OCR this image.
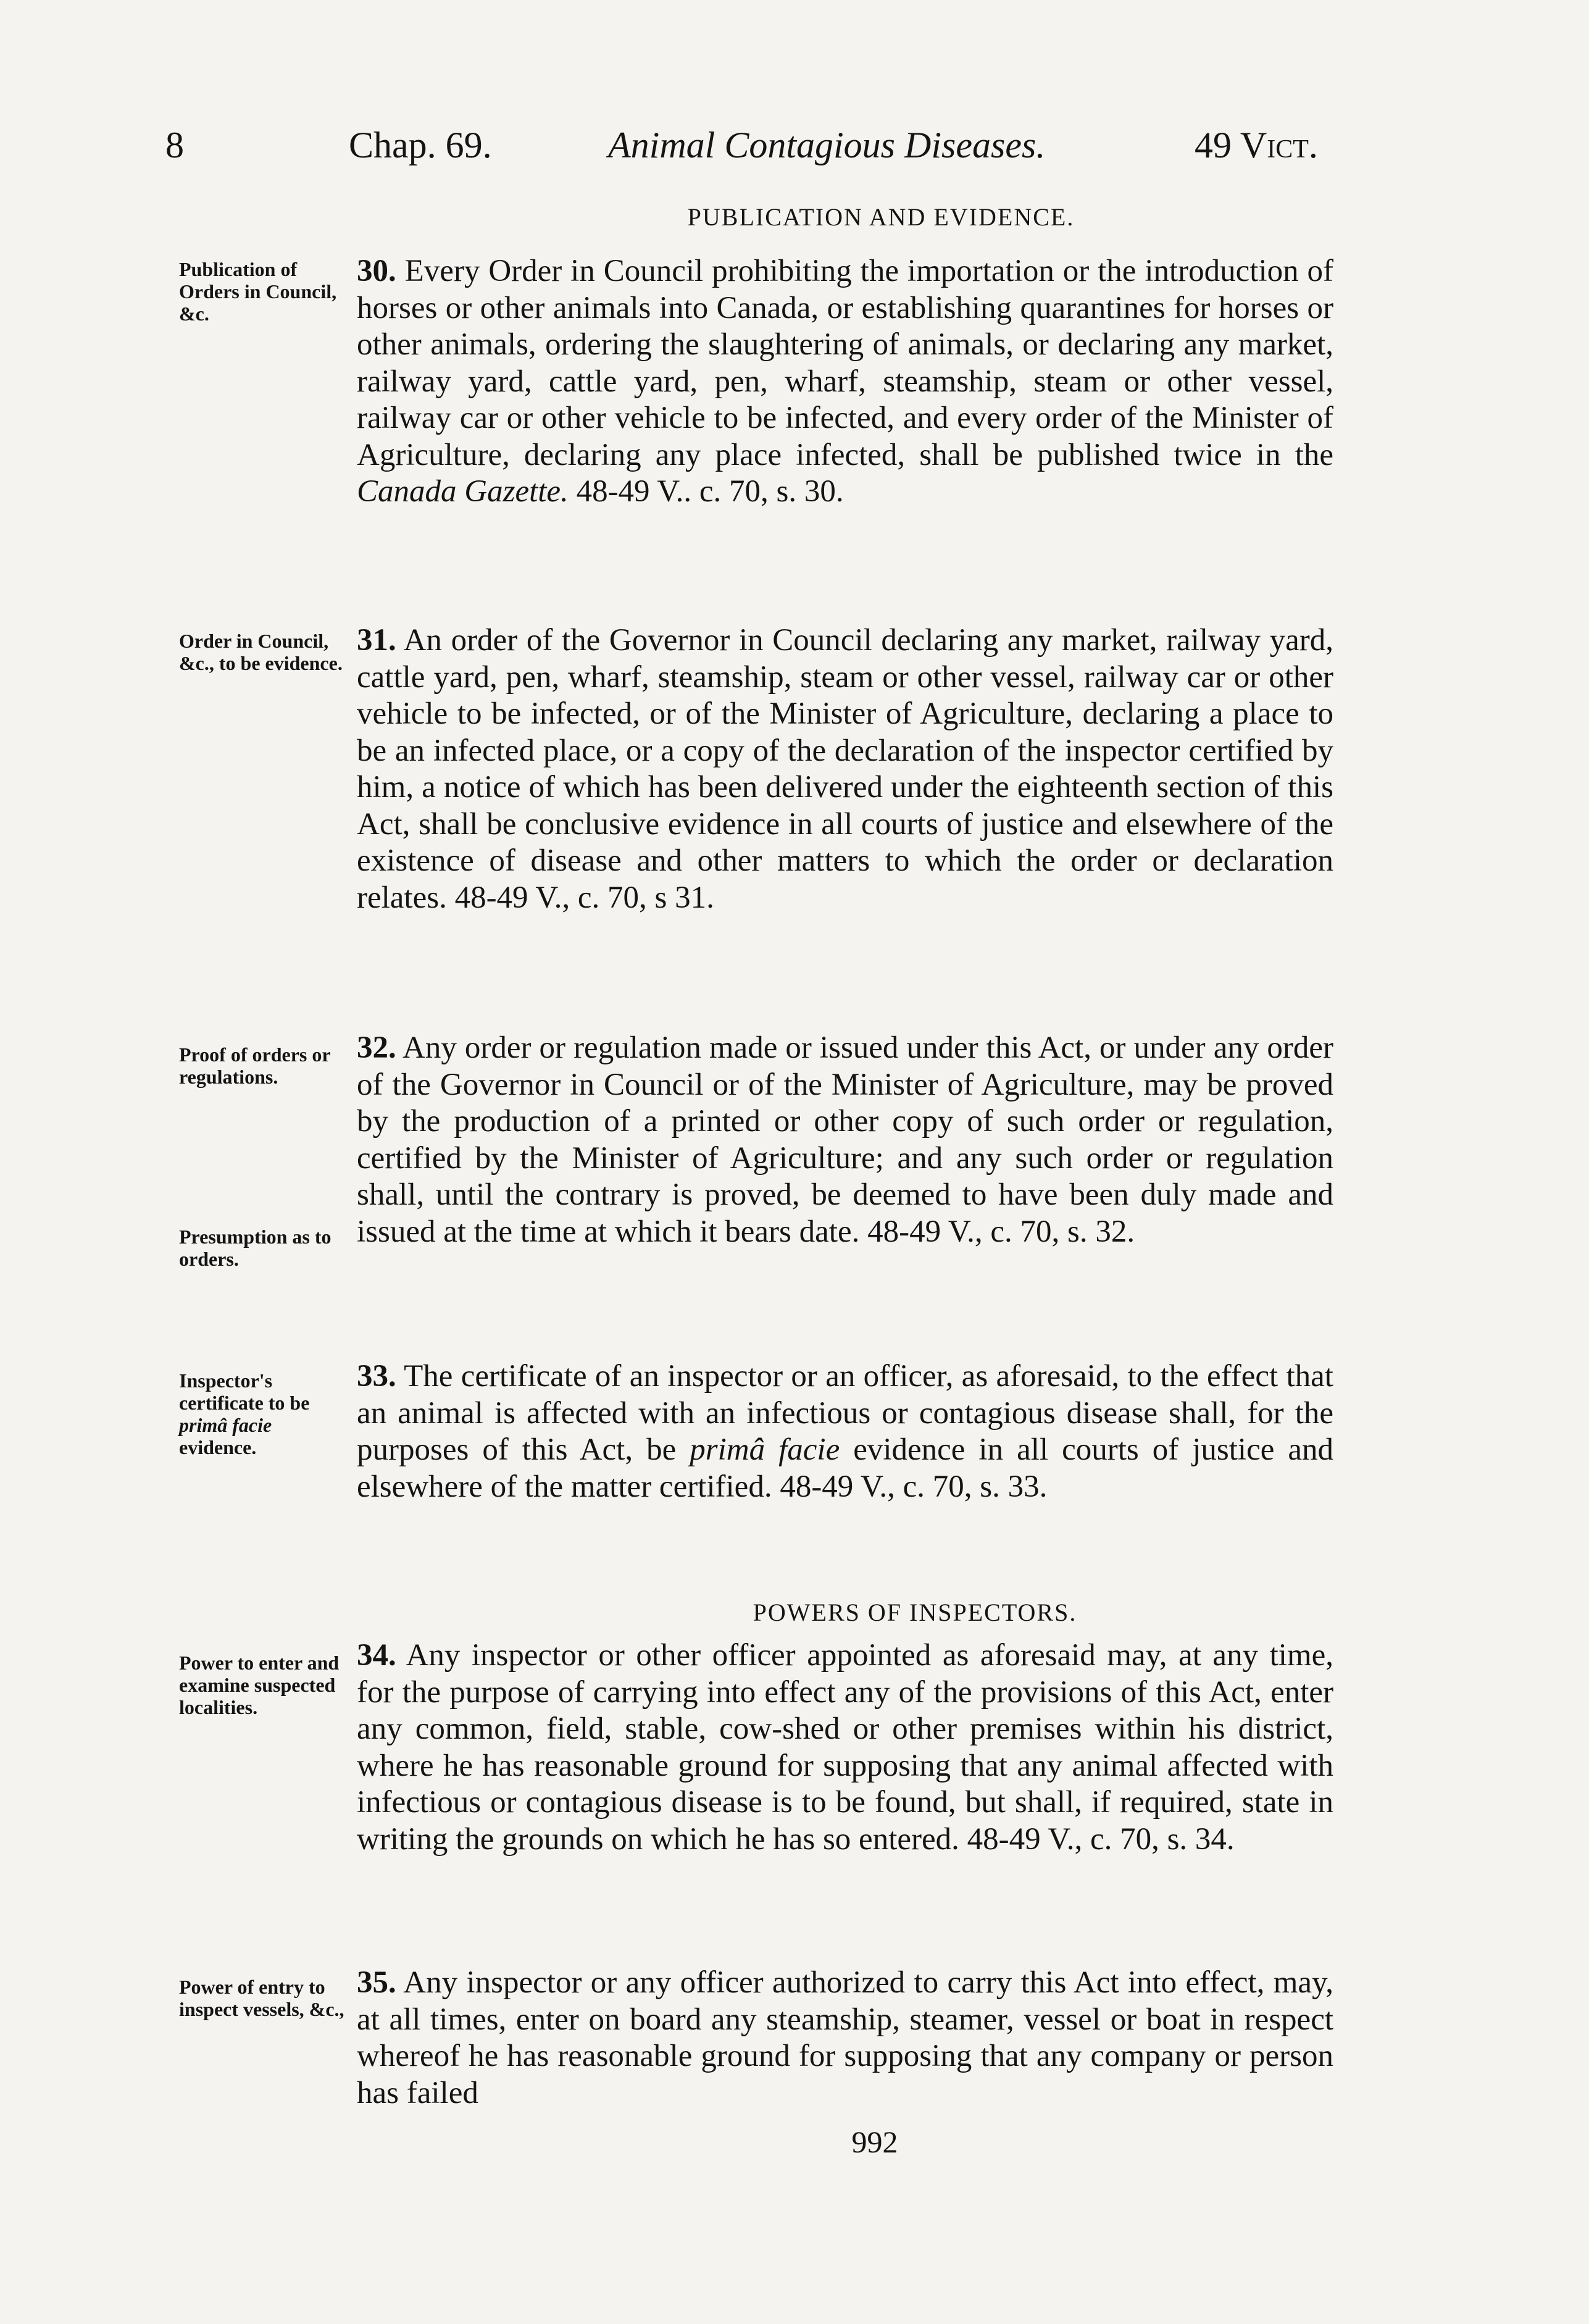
8	Chap. 69.	Animal Contagious Diseases.	49 Vict.
PUBLICATION AND EVIDENCE.
Publication of Orders in Council, &c.
30. Every Order in Council prohibiting the importation or the introduction of horses or other animals into Canada, or establishing quarantines for horses or other animals, ordering the slaughtering of animals, or declaring any market, railway yard, cattle yard, pen, wharf, steamship, steam or other vessel, railway car or other vehicle to be infected, and every order of the Minister of Agriculture, declaring any place infected, shall be published twice in the Canada Gazette. 48-49 V.. c. 70, s. 30.
Order in Council, &c., to be evidence.
31. An order of the Governor in Council declaring any market, railway yard, cattle yard, pen, wharf, steamship, steam or other vessel, railway car or other vehicle to be infected, or of the Minister of Agriculture, declaring a place to be an infected place, or a copy of the declaration of the inspector certified by him, a notice of which has been delivered under the eighteenth section of this Act, shall be conclusive evidence in all courts of justice and elsewhere of the existence of disease and other matters to which the order or declaration relates. 48-49 V., c. 70, s 31.
Proof of orders or regulations.
Presumption as to orders.
32. Any order or regulation made or issued under this Act, or under any order of the Governor in Council or of the Minister of Agriculture, may be proved by the production of a printed or other copy of such order or regulation, certified by the Minister of Agriculture; and any such order or regulation shall, until the contrary is proved, be deemed to have been duly made and issued at the time at which it bears date. 48-49 V., c. 70, s. 32.
Inspector's certificate to be primâ facie evidence.
33. The certificate of an inspector or an officer, as aforesaid, to the effect that an animal is affected with an infectious or contagious disease shall, for the purposes of this Act, be primâ facie evidence in all courts of justice and elsewhere of the matter certified. 48-49 V., c. 70, s. 33.
POWERS OF INSPECTORS.
Power to enter and examine suspected localities.
34. Any inspector or other officer appointed as aforesaid may, at any time, for the purpose of carrying into effect any of the provisions of this Act, enter any common, field, stable, cow-shed or other premises within his district, where he has reasonable ground for supposing that any animal affected with infectious or contagious disease is to be found, but shall, if required, state in writing the grounds on which he has so entered. 48-49 V., c. 70, s. 34.
Power of entry to inspect vessels, &c.,
35. Any inspector or any officer authorized to carry this Act into effect, may, at all times, enter on board any steamship, steamer, vessel or boat in respect whereof he has reasonable ground for supposing that any company or person has failed
992
